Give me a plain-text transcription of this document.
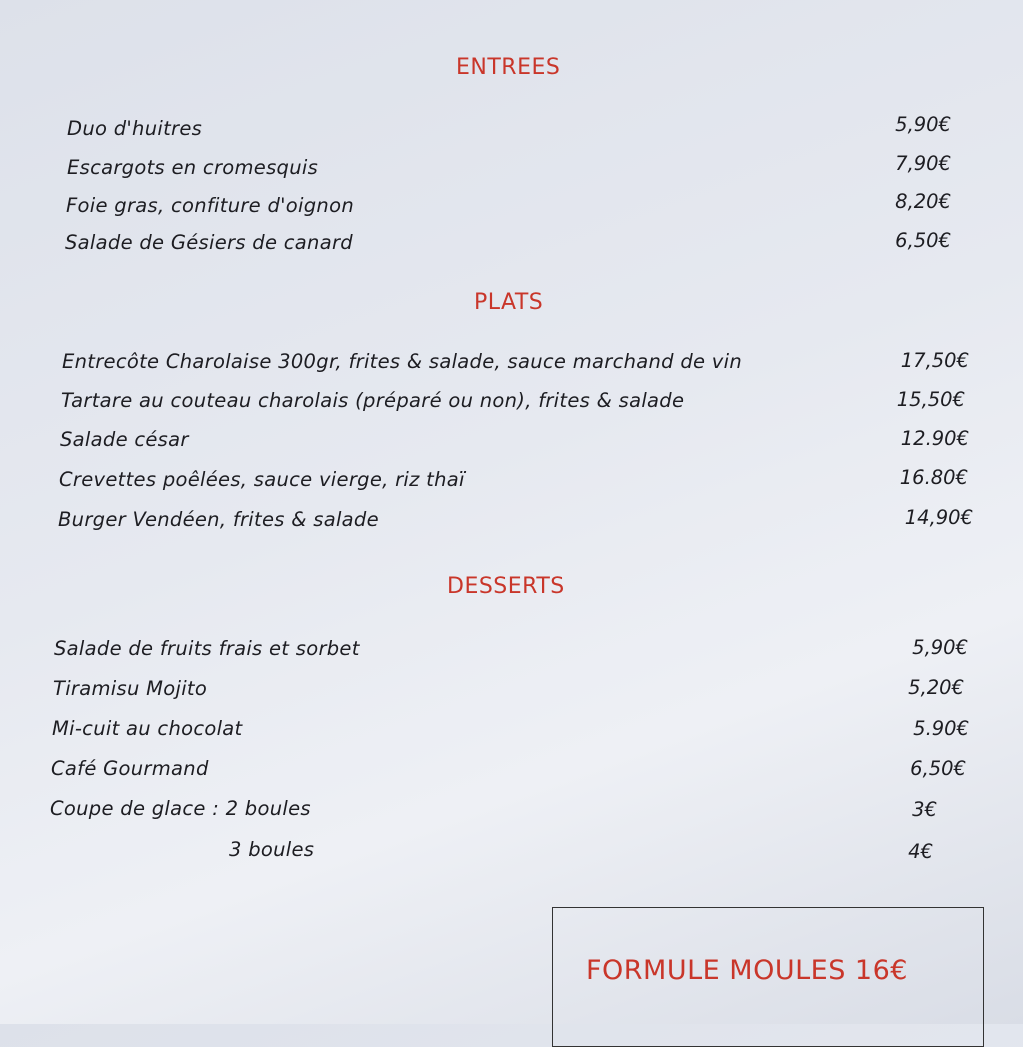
ENTREES
Duo d'huitres	5,90€
Escargots en cromesquis	7,90€
Foie gras, confiture d'oignon	8,20€
Salade de Gésiers de canard	6,50€
PLATS
Entrecôte Charolaise 300gr, frites & salade, sauce marchand de vin	17,50€
Tartare au couteau charolais (préparé ou non), frites & salade	15,50€
Salade césar	12.90€
Crevettes poêlées, sauce vierge, riz thaï	16.80€
Burger Vendéen, frites & salade	14,90€
DESSERTS
Salade de fruits frais et sorbet	5,90€
Tiramisu Mojito	5,20€
Mi-cuit au chocolat	5.90€
Café Gourmand	6,50€
Coupe de glace : 2 boules	3€
3 boules	4€
FORMULE MOULES 16€
